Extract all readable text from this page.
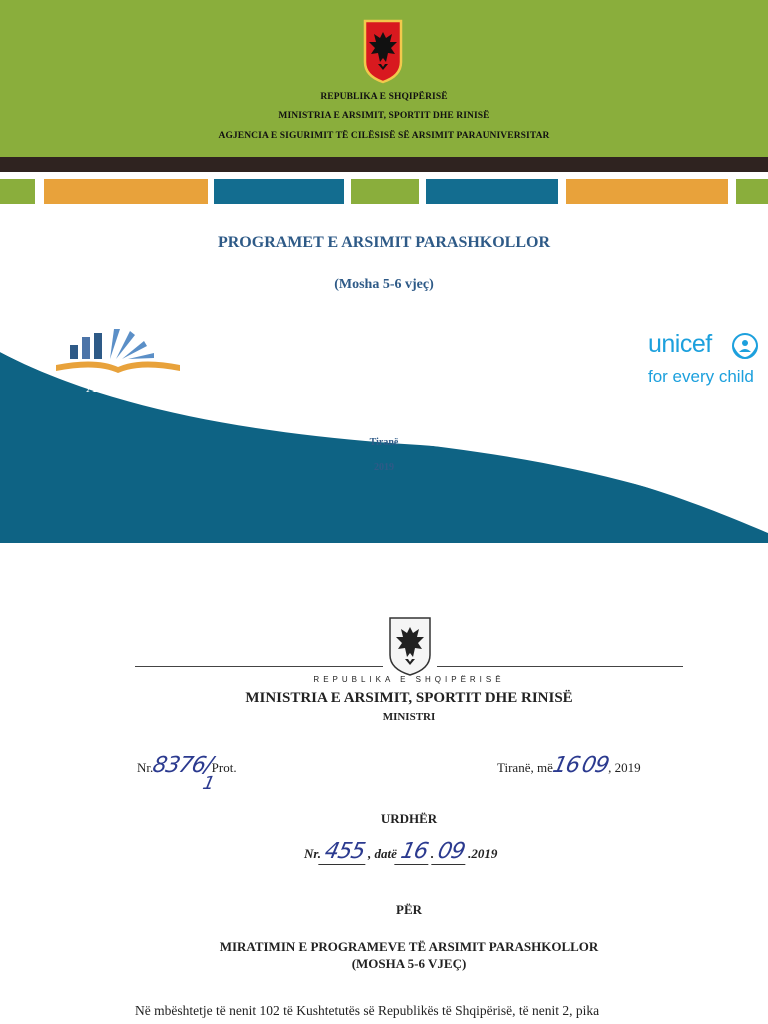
REPUBLIKA E SHQIPËRISË
MINISTRIA E ARSIMIT, SPORTIT DHE RINISË
AGJENCIA E SIGURIMIT TË CILËSISË SË ARSIMIT PARAUNIVERSITAR
PROGRAMET E ARSIMIT PARASHKOLLOR
(Mosha 5-6 vjeç)
ASCAP
unicef
for every child
Tiranë
2019
REPUBLIKA E SHQIPËRISË
MINISTRIA E ARSIMIT, SPORTIT DHE RINISË
MINISTRI
Nr.8376/Prot.
1
Tiranë, më16 09, 2019
URDHËR
Nr.455, datë16.09.2019
PËR
MIRATIMIN E PROGRAMEVE TË ARSIMIT PARASHKOLLOR
(MOSHA 5-6 VJEÇ)
Në mbështetje të nenit 102 të Kushtetutës së Republikës të Shqipërisë, të nenit 2, pika
